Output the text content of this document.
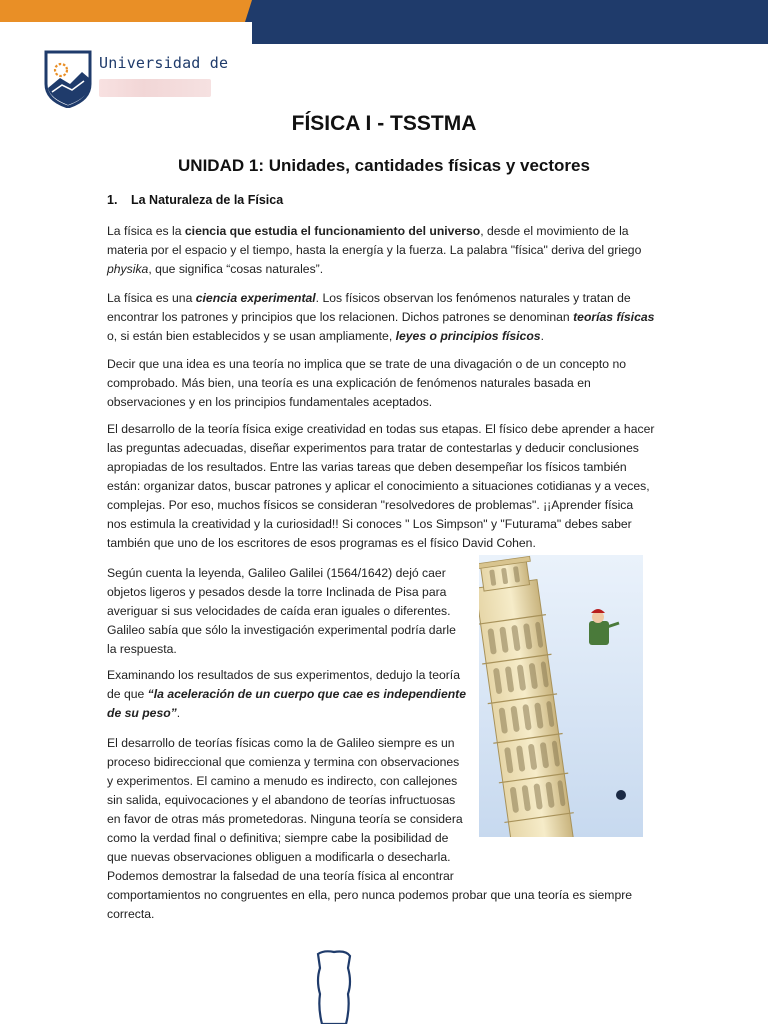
Universidad de
FÍSICA I - TSSTMA
UNIDAD 1: Unidades, cantidades físicas y vectores
1. La Naturaleza de la Física
La física es la ciencia que estudia el funcionamiento del universo, desde el movimiento de la
materia por el espacio y el tiempo, hasta la energía y la fuerza. La palabra "física" deriva del griego
physika, que significa “cosas naturales”.
La física es una ciencia experimental. Los físicos observan los fenómenos naturales y tratan de
encontrar los patrones y principios que los relacionen. Dichos patrones se denominan teorías físicas
o, si están bien establecidos y se usan ampliamente, leyes o principios físicos.
Decir que una idea es una teoría no implica que se trate de una divagación o de un concepto no
comprobado. Más bien, una teoría es una explicación de fenómenos naturales basada en
observaciones y en los principios fundamentales aceptados.
El desarrollo de la teoría física exige creatividad en todas sus etapas. El físico debe aprender a hacer
las preguntas adecuadas, diseñar experimentos para tratar de contestarlas y deducir conclusiones
apropiadas de los resultados. Entre las varias tareas que deben desempeñar los físicos también
están: organizar datos, buscar patrones y aplicar el conocimiento a situaciones cotidianas y a veces,
complejas. Por eso, muchos físicos se consideran "resolvedores de problemas". ¡¡Aprender física
nos estimula la creatividad y la curiosidad!! Si conoces " Los Simpson" y "Futurama" debes saber
también que uno de los escritores de esos programas es el físico David Cohen.
Según cuenta la leyenda, Galileo Galilei (1564/1642) dejó caer
objetos ligeros y pesados desde la torre Inclinada de Pisa para
averiguar si sus velocidades de caída eran iguales o diferentes.
Galileo sabía que sólo la investigación experimental podría darle
la respuesta.
Examinando los resultados de sus experimentos, dedujo la teoría
de que “la aceleración de un cuerpo que cae es independiente
de su peso”.
El desarrollo de teorías físicas como la de Galileo siempre es un
proceso bidireccional que comienza y termina con observaciones
y experimentos. El camino a menudo es indirecto, con callejones
sin salida, equivocaciones y el abandono de teorías infructuosas
en favor de otras más prometedoras. Ninguna teoría se considera
como la verdad final o definitiva; siempre cabe la posibilidad de
que nuevas observaciones obliguen a modificarla o desecharla.
Podemos demostrar la falsedad de una teoría física al encontrar
comportamientos no congruentes en ella, pero nunca podemos probar que una teoría es siempre
correcta.
